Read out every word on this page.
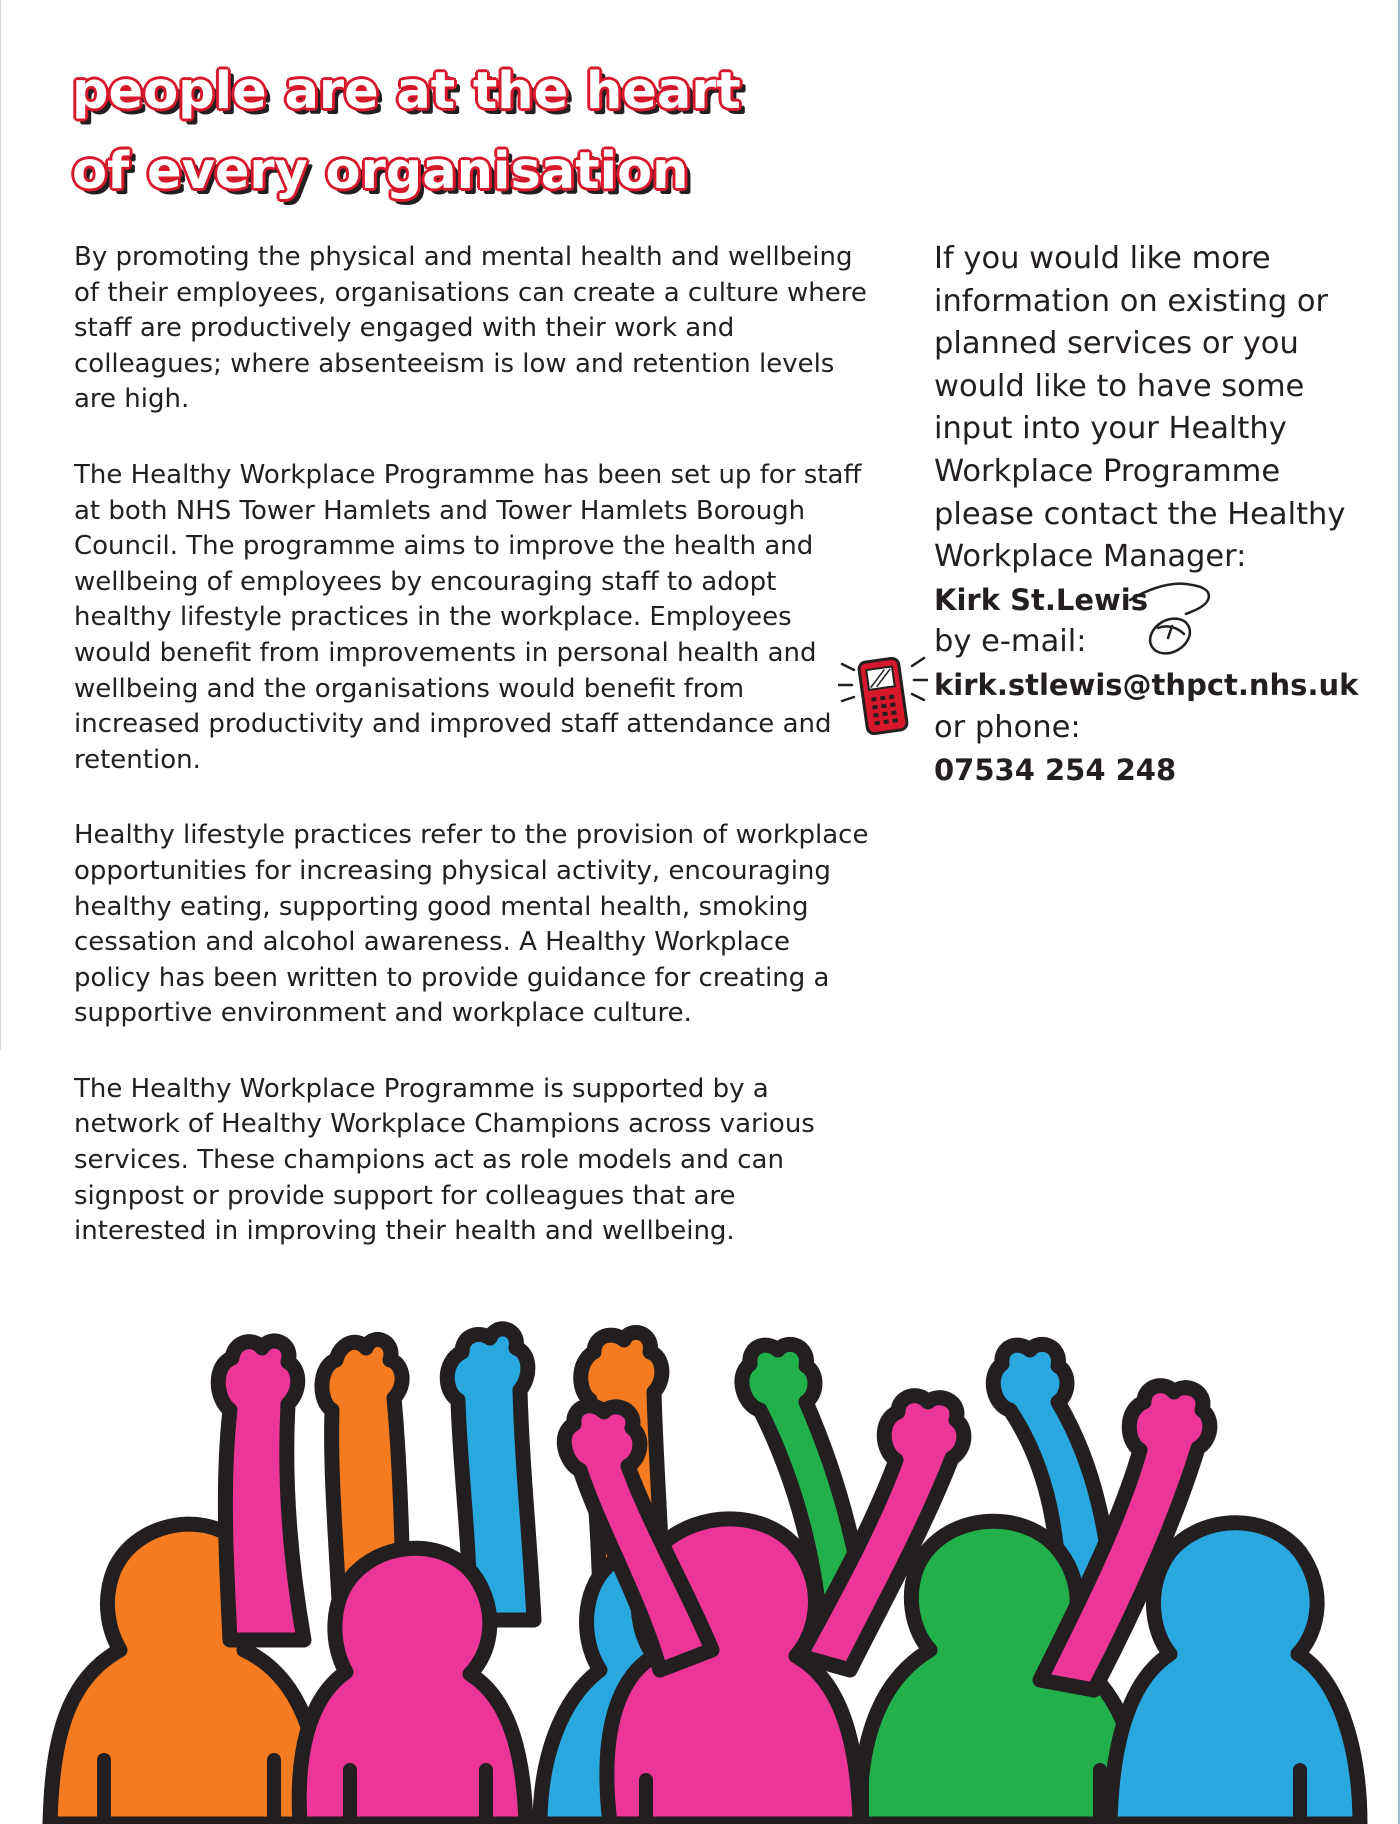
people are at the heart
of every organisation

By promoting the physical and mental health and wellbeing of their employees, organisations can create a culture where staff are productively engaged with their work and colleagues; where absenteeism is low and retention levels are high.

The Healthy Workplace Programme has been set up for staff at both NHS Tower Hamlets and Tower Hamlets Borough Council. The programme aims to improve the health and wellbeing of employees by encouraging staff to adopt healthy lifestyle practices in the workplace. Employees would benefit from improvements in personal health and wellbeing and the organisations would benefit from increased productivity and improved staff attendance and retention.

Healthy lifestyle practices refer to the provision of workplace opportunities for increasing physical activity, encouraging healthy eating, supporting good mental health, smoking cessation and alcohol awareness. A Healthy Workplace policy has been written to provide guidance for creating a supportive environment and workplace culture.

The Healthy Workplace Programme is supported by a network of Healthy Workplace Champions across various services. These champions act as role models and can signpost or provide support for colleagues that are interested in improving their health and wellbeing.

If you would like more
information on existing or
planned services or you
would like to have some
input into your Healthy
Workplace Programme
please contact the Healthy
Workplace Manager:
Kirk St.Lewis
by e-mail:
kirk.stlewis@thpct.nhs.uk
or phone:
07534 254 248
